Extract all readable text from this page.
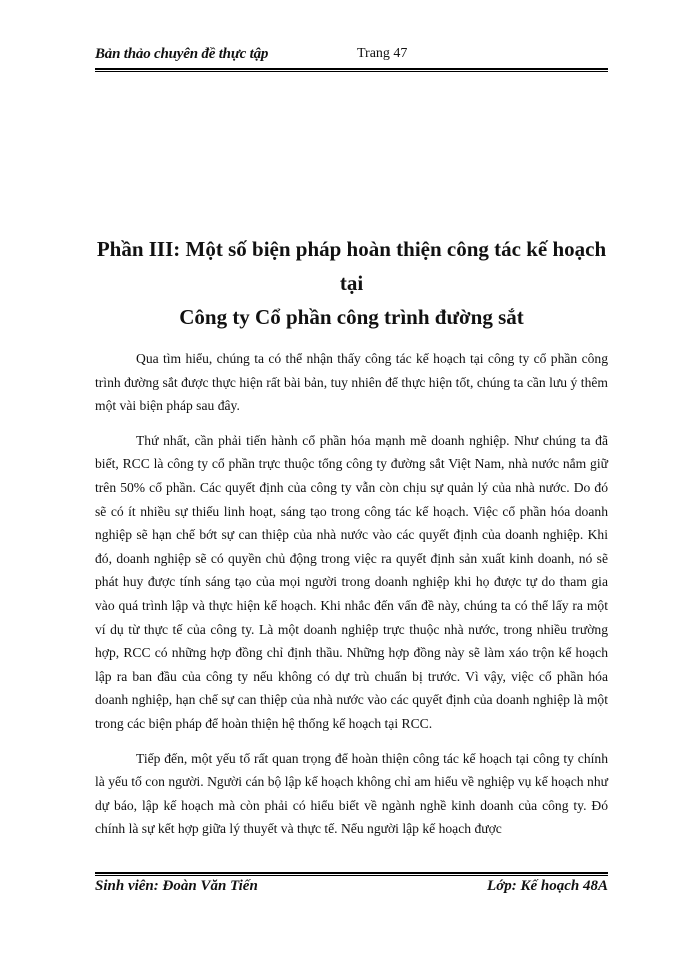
Bản thảo chuyên đề thực tập	Trang 47
Phần III: Một số biện pháp hoàn thiện công tác kế hoạch tại
Công ty Cổ phần công trình đường sắt

Qua tìm hiểu, chúng ta có thể nhận thấy công tác kế hoạch tại công ty cổ phần công trình đường sắt được thực hiện rất bài bản, tuy nhiên để thực hiện tốt, chúng ta cần lưu ý thêm một vài biện pháp sau đây.

Thứ nhất, cần phải tiến hành cổ phần hóa mạnh mẽ doanh nghiệp. Như chúng ta đã biết, RCC là công ty cổ phần trực thuộc tổng công ty đường sắt Việt Nam, nhà nước nắm giữ trên 50% cổ phần. Các quyết định của công ty vẫn còn chịu sự quản lý của nhà nước. Do đó sẽ có ít nhiều sự thiếu linh hoạt, sáng tạo trong công tác kế hoạch. Việc cổ phần hóa doanh nghiệp sẽ hạn chế bớt sự can thiệp của nhà nước vào các quyết định của doanh nghiệp. Khi đó, doanh nghiệp sẽ có quyền chủ động trong việc ra quyết định sản xuất kinh doanh, nó sẽ phát huy được tính sáng tạo của mọi người trong doanh nghiệp khi họ được tự do tham gia vào quá trình lập và thực hiện kế hoạch. Khi nhắc đến vấn đề này, chúng ta có thể lấy ra một ví dụ từ thực tế của công ty. Là một doanh nghiệp trực thuộc nhà nước, trong nhiều trường hợp, RCC có những hợp đồng chỉ định thầu. Những hợp đồng này sẽ làm xáo trộn kế hoạch lập ra ban đầu của công ty nếu không có dự trù chuẩn bị trước. Vì vậy, việc cổ phần hóa doanh nghiệp, hạn chế sự can thiệp của nhà nước vào các quyết định của doanh nghiệp là một trong các biện pháp để hoàn thiện hệ thống kế hoạch tại RCC.

Tiếp đến, một yếu tố rất quan trọng để hoàn thiện công tác kế hoạch tại công ty chính là yếu tố con người. Người cán bộ lập kế hoạch không chỉ am hiểu về nghiệp vụ kế hoạch như dự báo, lập kế hoạch mà còn phải có hiểu biết về ngành nghề kinh doanh của công ty. Đó chính là sự kết hợp giữa lý thuyết và thực tế. Nếu người lập kế hoạch được

Sinh viên: Đoàn Văn Tiến	Lớp: Kế hoạch 48A
